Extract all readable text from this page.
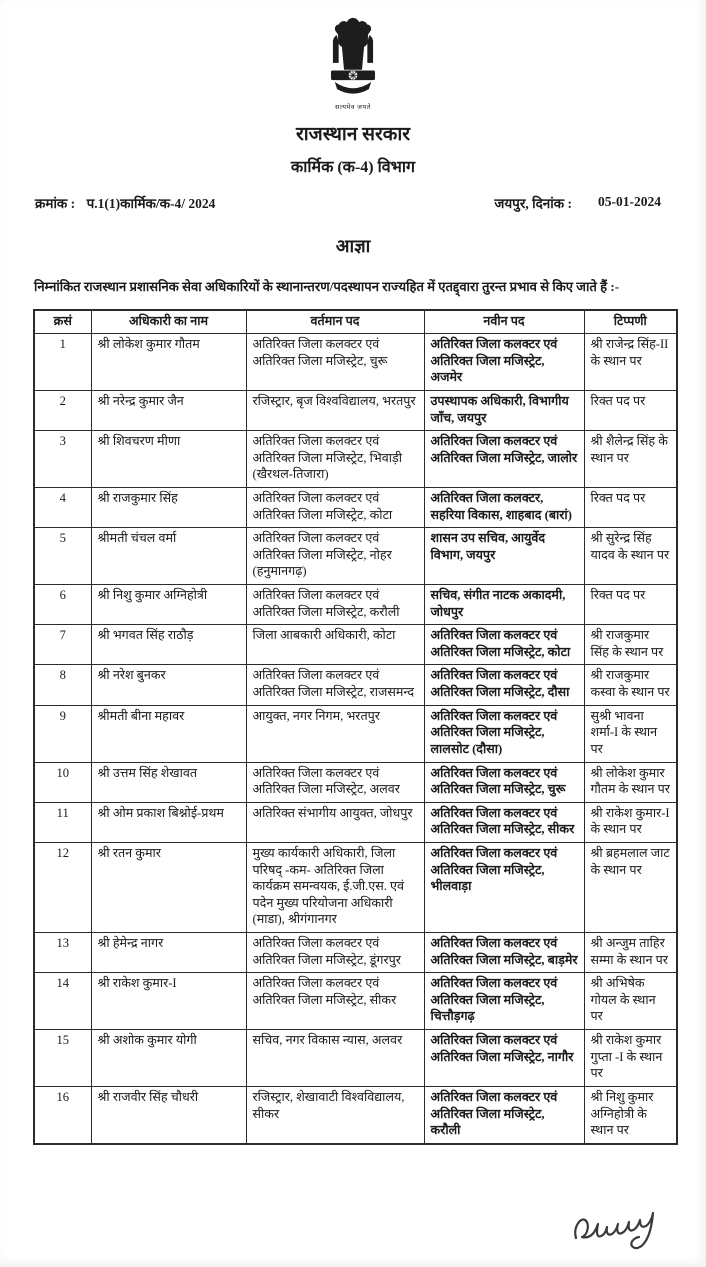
सत्यमेव जयते
राजस्थान सरकार
कार्मिक (क-4) विभाग
क्रमांक : प.1(1)कार्मिक/क-4/ 2024	जयपुर, दिनांक : 05-01-2024
आज्ञा

निम्नांकित राजस्थान प्रशासनिक सेवा अधिकारियों के स्थानान्तरण/पदस्थापन राज्यहित में एतद्द्वारा तुरन्त प्रभाव से किए जाते हैं :-

क्रसं	अधिकारी का नाम	वर्तमान पद	नवीन पद	टिप्पणी
1	श्री लोकेश कुमार गौतम	अतिरिक्त जिला कलक्टर एवं अतिरिक्त जिला मजिस्ट्रेट, चुरू	अतिरिक्त जिला कलक्टर एवं अतिरिक्त जिला मजिस्ट्रेट, अजमेर	श्री राजेन्द्र सिंह-II के स्थान पर
2	श्री नरेन्द्र कुमार जैन	रजिस्ट्रार, बृज विश्वविद्यालय, भरतपुर	उपस्थापक अधिकारी, विभागीय जाँच, जयपुर	रिक्त पद पर
3	श्री शिवचरण मीणा	अतिरिक्त जिला कलक्टर एवं अतिरिक्त जिला मजिस्ट्रेट, भिवाड़ी (खैरथल-तिजारा)	अतिरिक्त जिला कलक्टर एवं अतिरिक्त जिला मजिस्ट्रेट, जालोर	श्री शैलेन्द्र सिंह के स्थान पर
4	श्री राजकुमार सिंह	अतिरिक्त जिला कलक्टर एवं अतिरिक्त जिला मजिस्ट्रेट, कोटा	अतिरिक्त जिला कलक्टर, सहरिया विकास, शाहबाद (बारां)	रिक्त पद पर
5	श्रीमती चंचल वर्मा	अतिरिक्त जिला कलक्टर एवं अतिरिक्त जिला मजिस्ट्रेट, नोहर (हनुमानगढ़)	शासन उप सचिव, आयुर्वेद विभाग, जयपुर	श्री सुरेन्द्र सिंह यादव के स्थान पर
6	श्री निशु कुमार अग्निहोत्री	अतिरिक्त जिला कलक्टर एवं अतिरिक्त जिला मजिस्ट्रेट, करौली	सचिव, संगीत नाटक अकादमी, जोधपुर	रिक्त पद पर
7	श्री भगवत सिंह राठौड़	जिला आबकारी अधिकारी, कोटा	अतिरिक्त जिला कलक्टर एवं अतिरिक्त जिला मजिस्ट्रेट, कोटा	श्री राजकुमार सिंह के स्थान पर
8	श्री नरेश बुनकर	अतिरिक्त जिला कलक्टर एवं अतिरिक्त जिला मजिस्ट्रेट, राजसमन्द	अतिरिक्त जिला कलक्टर एवं अतिरिक्त जिला मजिस्ट्रेट, दौसा	श्री राजकुमार कस्वा के स्थान पर
9	श्रीमती बीना महावर	आयुक्त, नगर निगम, भरतपुर	अतिरिक्त जिला कलक्टर एवं अतिरिक्त जिला मजिस्ट्रेट, लालसोट (दौसा)	सुश्री भावना शर्मा-I के स्थान पर
10	श्री उत्तम सिंह शेखावत	अतिरिक्त जिला कलक्टर एवं अतिरिक्त जिला मजिस्ट्रेट, अलवर	अतिरिक्त जिला कलक्टर एवं अतिरिक्त जिला मजिस्ट्रेट, चुरू	श्री लोकेश कुमार गौतम के स्थान पर
11	श्री ओम प्रकाश बिश्नोई-प्रथम	अतिरिक्त संभागीय आयुक्त, जोधपुर	अतिरिक्त जिला कलक्टर एवं अतिरिक्त जिला मजिस्ट्रेट, सीकर	श्री राकेश कुमार-I के स्थान पर
12	श्री रतन कुमार	मुख्य कार्यकारी अधिकारी, जिला परिषद् -कम- अतिरिक्त जिला कार्यक्रम समन्वयक, ई.जी.एस. एवं पदेन मुख्य परियोजना अधिकारी (माडा), श्रीगंगानगर	अतिरिक्त जिला कलक्टर एवं अतिरिक्त जिला मजिस्ट्रेट, भीलवाड़ा	श्री ब्रहमलाल जाट के स्थान पर
13	श्री हेमेन्द्र नागर	अतिरिक्त जिला कलक्टर एवं अतिरिक्त जिला मजिस्ट्रेट, डूंगरपुर	अतिरिक्त जिला कलक्टर एवं अतिरिक्त जिला मजिस्ट्रेट, बाड़मेर	श्री अन्जुम ताहिर सम्मा के स्थान पर
14	श्री राकेश कुमार-I	अतिरिक्त जिला कलक्टर एवं अतिरिक्त जिला मजिस्ट्रेट, सीकर	अतिरिक्त जिला कलक्टर एवं अतिरिक्त जिला मजिस्ट्रेट, चित्तौड़गढ़	श्री अभिषेक गोयल के स्थान पर
15	श्री अशोक कुमार योगी	सचिव, नगर विकास न्यास, अलवर	अतिरिक्त जिला कलक्टर एवं अतिरिक्त जिला मजिस्ट्रेट, नागौर	श्री राकेश कुमार गुप्ता -I के स्थान पर
16	श्री राजवीर सिंह चौधरी	रजिस्ट्रार, शेखावाटी विश्वविद्यालय, सीकर	अतिरिक्त जिला कलक्टर एवं अतिरिक्त जिला मजिस्ट्रेट, करौली	श्री निशु कुमार अग्निहोत्री के स्थान पर
